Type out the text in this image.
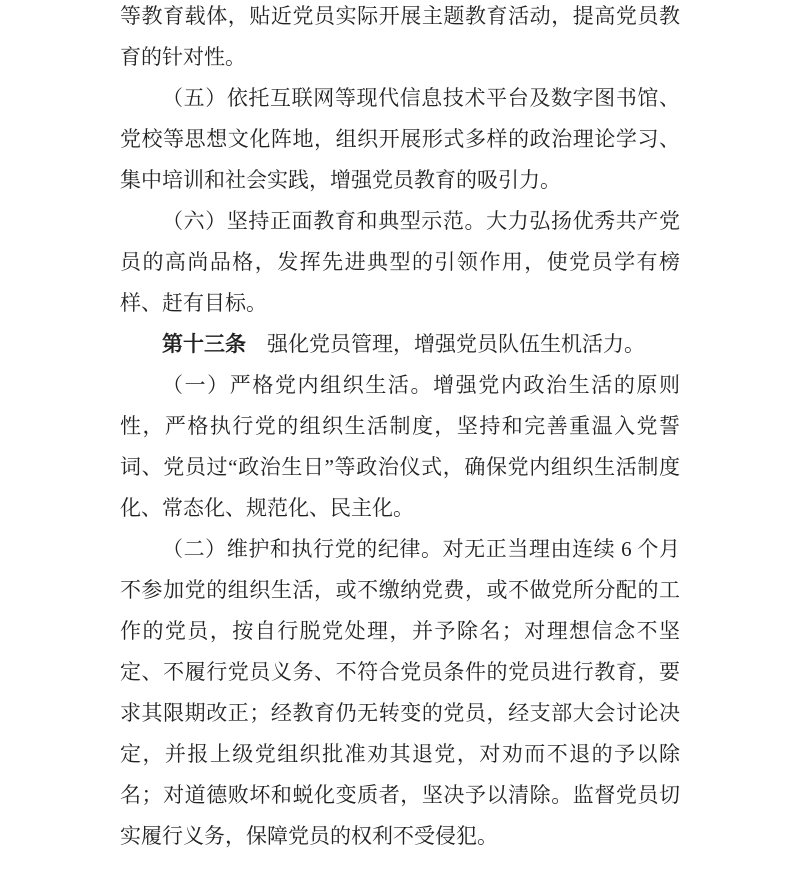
等教育载体，贴近党员实际开展主题教育活动，提高党员教育的针对性。

（五）依托互联网等现代信息技术平台及数字图书馆、党校等思想文化阵地，组织开展形式多样的政治理论学习、集中培训和社会实践，增强党员教育的吸引力。

（六）坚持正面教育和典型示范。大力弘扬优秀共产党员的高尚品格，发挥先进典型的引领作用，使党员学有榜样、赶有目标。

第十三条　强化党员管理，增强党员队伍生机活力。

（一）严格党内组织生活。增强党内政治生活的原则性，严格执行党的组织生活制度，坚持和完善重温入党誓词、党员过“政治生日”等政治仪式，确保党内组织生活制度化、常态化、规范化、民主化。

（二）维护和执行党的纪律。对无正当理由连续 6 个月不参加党的组织生活，或不缴纳党费，或不做党所分配的工作的党员，按自行脱党处理，并予除名；对理想信念不坚定、不履行党员义务、不符合党员条件的党员进行教育，要求其限期改正；经教育仍无转变的党员，经支部大会讨论决定，并报上级党组织批准劝其退党，对劝而不退的予以除名；对道德败坏和蜕化变质者，坚决予以清除。监督党员切实履行义务，保障党员的权利不受侵犯。
